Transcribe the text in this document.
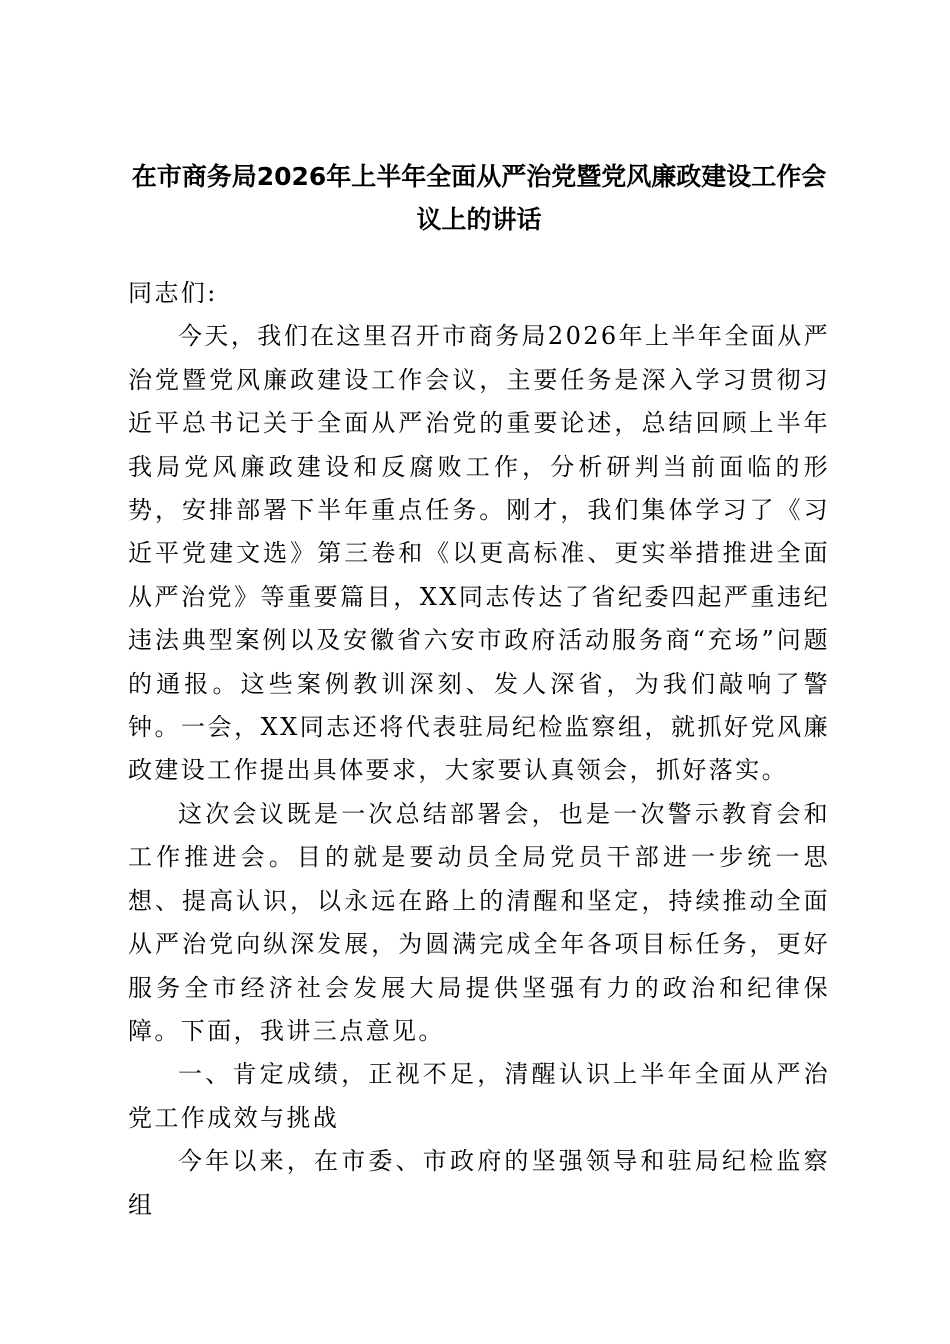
在市商务局2026年上半年全面从严治党暨党风廉政建设工作会
议上的讲话

同志们:

今天，我们在这里召开市商务局2026年上半年全面从严治党暨党风廉政建设工作会议，主要任务是深入学习贯彻习近平总书记关于全面从严治党的重要论述，总结回顾上半年我局党风廉政建设和反腐败工作，分析研判当前面临的形势，安排部署下半年重点任务。刚才，我们集体学习了《习近平党建文选》第三卷和《以更高标准、更实举措推进全面从严治党》等重要篇目，XX同志传达了省纪委四起严重违纪违法典型案例以及安徽省六安市政府活动服务商“充场”问题的通报。这些案例教训深刻、发人深省，为我们敲响了警钟。一会，XX同志还将代表驻局纪检监察组，就抓好党风廉政建设工作提出具体要求，大家要认真领会，抓好落实。

这次会议既是一次总结部署会，也是一次警示教育会和工作推进会。目的就是要动员全局党员干部进一步统一思想、提高认识，以永远在路上的清醒和坚定，持续推动全面从严治党向纵深发展，为圆满完成全年各项目标任务，更好服务全市经济社会发展大局提供坚强有力的政治和纪律保障。下面，我讲三点意见。

一、肯定成绩，正视不足，清醒认识上半年全面从严治党工作成效与挑战

今年以来，在市委、市政府的坚强领导和驻局纪检监察组
